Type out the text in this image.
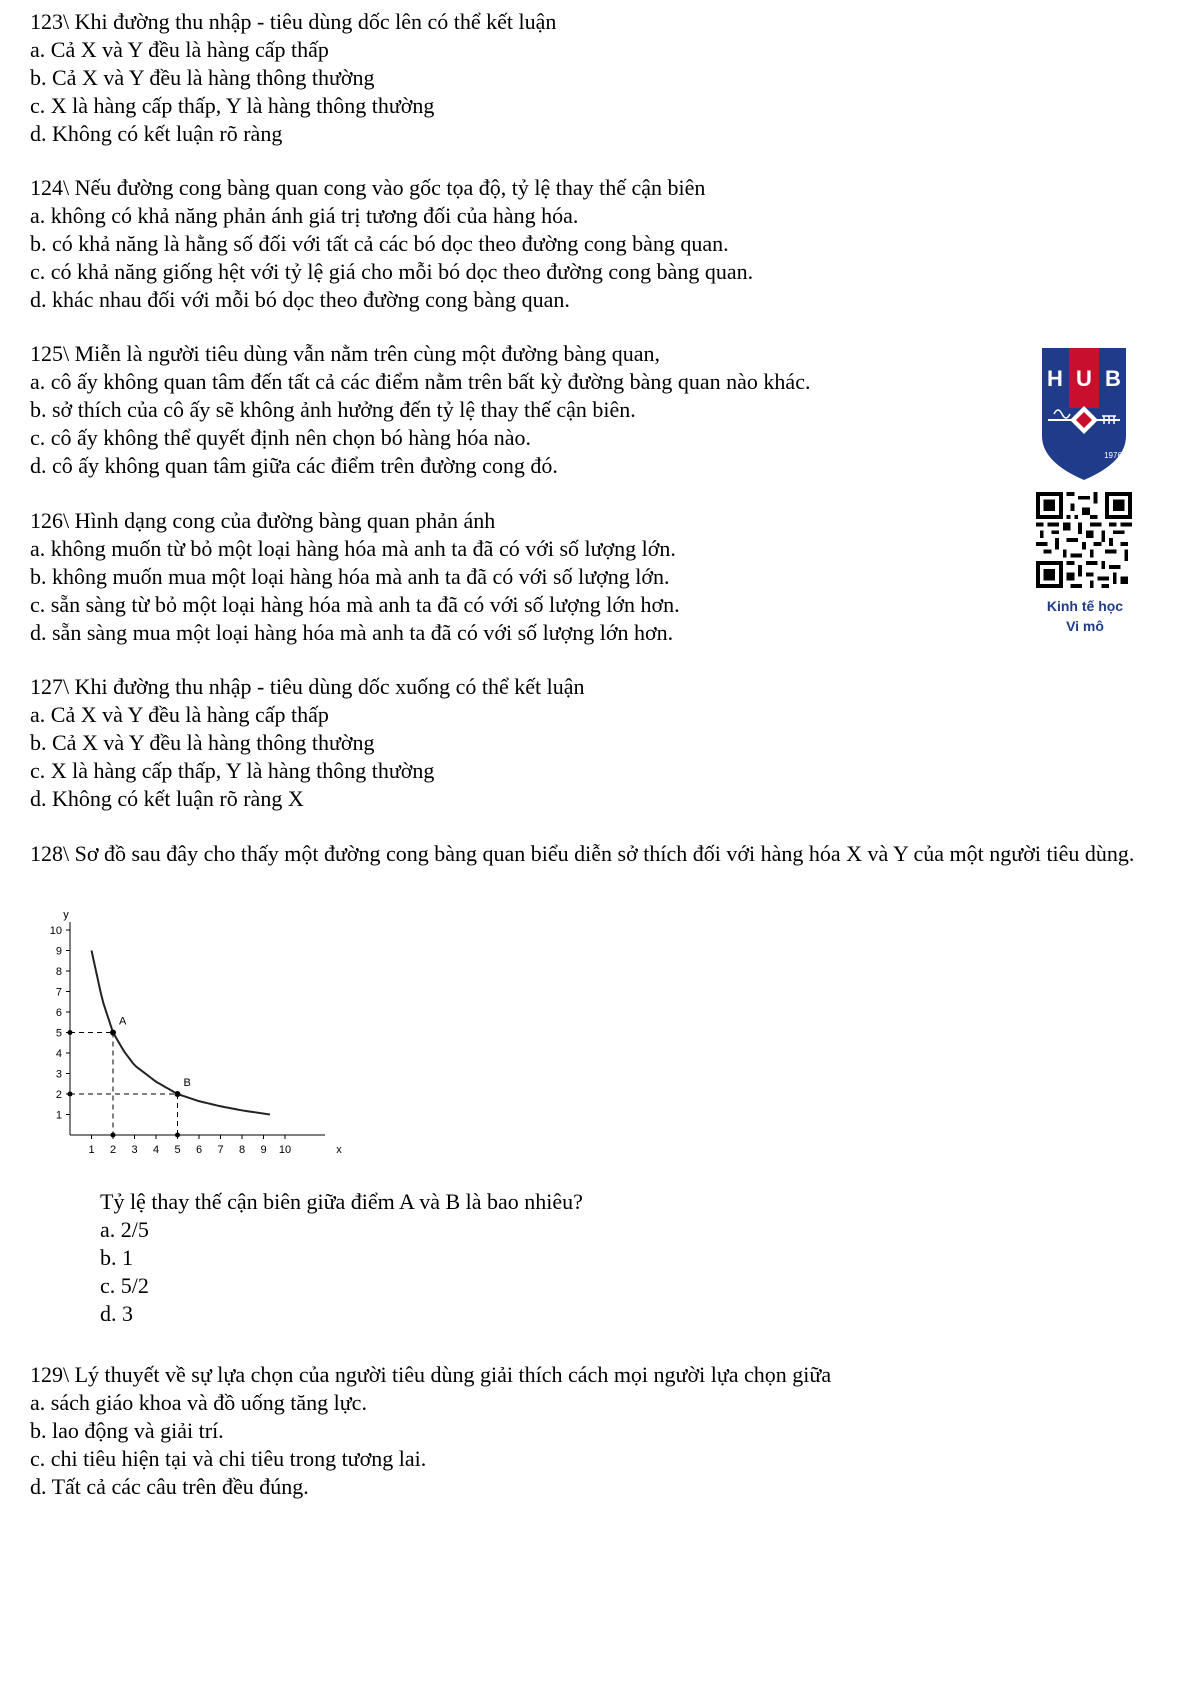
123\ Khi đường thu nhập - tiêu dùng dốc lên có thể kết luận
a. Cả X và Y đều là hàng cấp thấp
b. Cả X và Y đều là hàng thông thường
c. X là hàng cấp thấp, Y là hàng thông thường
d. Không có kết luận rõ ràng
124\ Nếu đường cong bàng quan cong vào gốc tọa độ, tỷ lệ thay thế cận biên
a. không có khả năng phản ánh giá trị tương đối của hàng hóa.
b. có khả năng là hằng số đối với tất cả các bó dọc theo đường cong bàng quan.
c. có khả năng giống hệt với tỷ lệ giá cho mỗi bó dọc theo đường cong bàng quan.
d. khác nhau đối với mỗi bó dọc theo đường cong bàng quan.
125\ Miễn là người tiêu dùng vẫn nằm trên cùng một đường bàng quan,
a. cô ấy không quan tâm đến tất cả các điểm nằm trên bất kỳ đường bàng quan nào khác.
b. sở thích của cô ấy sẽ không ảnh hưởng đến tỷ lệ thay thế cận biên.
c. cô ấy không thể quyết định nên chọn bó hàng hóa nào.
d. cô ấy không quan tâm giữa các điểm trên đường cong đó.
126\ Hình dạng cong của đường bàng quan phản ánh
a. không muốn từ bỏ một loại hàng hóa mà anh ta đã có với số lượng lớn.
b. không muốn mua một loại hàng hóa mà anh ta đã có với số lượng lớn.
c. sẵn sàng từ bỏ một loại hàng hóa mà anh ta đã có với số lượng lớn hơn.
d. sẵn sàng mua một loại hàng hóa mà anh ta đã có với số lượng lớn hơn.
127\ Khi đường thu nhập - tiêu dùng dốc xuống có thể kết luận
a. Cả X và Y đều là hàng cấp thấp
b. Cả X và Y đều là hàng thông thường
c. X là hàng cấp thấp, Y là hàng thông thường
d. Không có kết luận rõ ràng X
128\ Sơ đồ sau đây cho thấy một đường cong bàng quan biểu diễn sở thích đối với hàng hóa X và Y của một người tiêu dùng.
y
x
1
2
3
4
5
6
7
8
9
10
1 2 3 4 5 6 7 8 9 10
A
B
Tỷ lệ thay thế cận biên giữa điểm A và B là bao nhiêu?
a. 2/5
b. 1
c. 5/2
d. 3
129\ Lý thuyết về sự lựa chọn của người tiêu dùng giải thích cách mọi người lựa chọn giữa
a. sách giáo khoa và đồ uống tăng lực.
b. lao động và giải trí.
c. chi tiêu hiện tại và chi tiêu trong tương lai.
d. Tất cả các câu trên đều đúng.
H U B
1976
Kinh tế học
Vi mô
